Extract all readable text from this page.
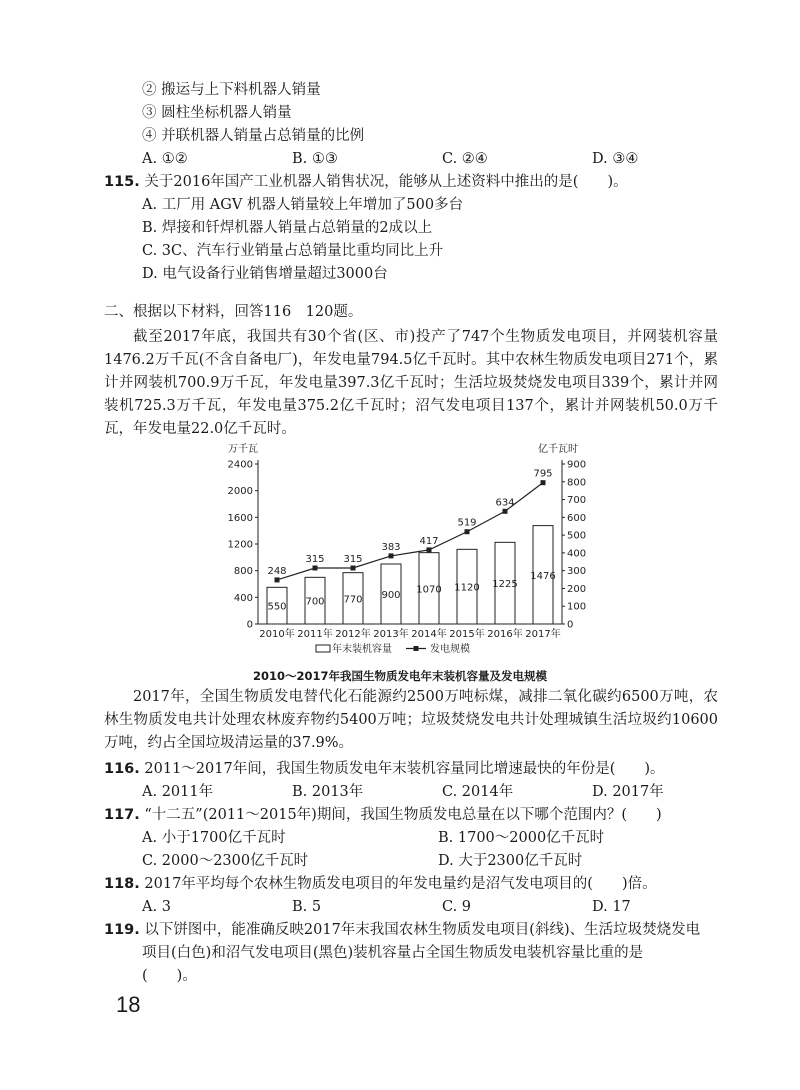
② 搬运与上下料机器人销量
③ 圆柱坐标机器人销量
④ 并联机器人销量占总销量的比例
A. ①②	B. ①③	C. ②④	D. ③④
115. 关于2016年国产工业机器人销售状况，能够从上述资料中推出的是(　　)。
A. 工厂用 AGV 机器人销量较上年增加了500多台
B. 焊接和钎焊机器人销量占总销量的2成以上
C. 3C、汽车行业销量占总销量比重均同比上升
D. 电气设备行业销售增量超过3000台
二、根据以下材料，回答116　120题。
截至2017年底，我国共有30个省(区、市)投产了747个生物质发电项目，并网装机容量1476.2万千瓦(不含自备电厂)，年发电量794.5亿千瓦时。其中农林生物质发电项目271个，累计并网装机700.9万千瓦，年发电量397.3亿千瓦时；生活垃圾焚烧发电项目339个，累计并网装机725.3万千瓦，年发电量375.2亿千瓦时；沼气发电项目137个，累计并网装机50.0万千瓦，年发电量22.0亿千瓦时。
万千瓦	亿千瓦时
0
400
800
1200
1600
2000
2400
0
100
200
300
400
500
600
700
800
900
550 700 770 900
1070 1120 1225
1476
248
315 315
383
417
519
634
795
2010年 2011年 2012年 2013年 2014年 2015年 2016年 2017年
年末装机容量	发电规模
2010～2017年我国生物质发电年末装机容量及发电规模
2017年，全国生物质发电替代化石能源约2500万吨标煤，减排二氧化碳约6500万吨，农林生物质发电共计处理农林废弃物约5400万吨；垃圾焚烧发电共计处理城镇生活垃圾约10600万吨，约占全国垃圾清运量的37.9%。
116. 2011～2017年间，我国生物质发电年末装机容量同比增速最快的年份是(　　)。
A. 2011年	B. 2013年	C. 2014年	D. 2017年
117. “十二五”(2011～2015年)期间，我国生物质发电总量在以下哪个范围内？(　　)
A. 小于1700亿千瓦时	B. 1700～2000亿千瓦时
C. 2000～2300亿千瓦时	D. 大于2300亿千瓦时
118. 2017年平均每个农林生物质发电项目的年发电量约是沼气发电项目的(　　)倍。
A. 3	B. 5	C. 9	D. 17
119. 以下饼图中，能准确反映2017年末我国农林生物质发电项目(斜线)、生活垃圾焚烧发电
项目(白色)和沼气发电项目(黑色)装机容量占全国生物质发电装机容量比重的是
(　　)。
18
